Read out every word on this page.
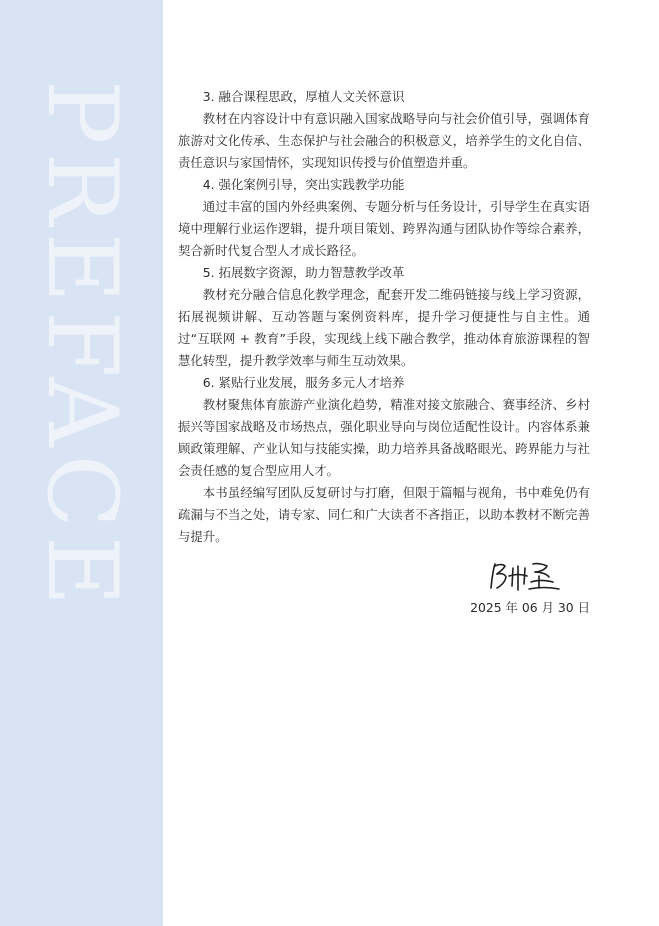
PREFACE	3. 融合课程思政，厚植人文关怀意识

教材在内容设计中有意识融入国家战略导向与社会价值引导，强调体育旅游对文化传承、生态保护与社会融合的积极意义，培养学生的文化自信、责任意识与家国情怀，实现知识传授与价值塑造并重。

4. 强化案例引导，突出实践教学功能

通过丰富的国内外经典案例、专题分析与任务设计，引导学生在真实语境中理解行业运作逻辑，提升项目策划、跨界沟通与团队协作等综合素养，契合新时代复合型人才成长路径。

5. 拓展数字资源，助力智慧教学改革

教材充分融合信息化教学理念，配套开发二维码链接与线上学习资源，拓展视频讲解、互动答题与案例资料库，提升学习便捷性与自主性。通过“互联网 + 教育”手段，实现线上线下融合教学，推动体育旅游课程的智慧化转型，提升教学效率与师生互动效果。

6. 紧贴行业发展，服务多元人才培养

教材聚焦体育旅游产业演化趋势，精准对接文旅融合、赛事经济、乡村振兴等国家战略及市场热点，强化职业导向与岗位适配性设计。内容体系兼顾政策理解、产业认知与技能实操，助力培养具备战略眼光、跨界能力与社会责任感的复合型应用人才。

本书虽经编写团队反复研讨与打磨，但限于篇幅与视角，书中难免仍有疏漏与不当之处，请专家、同仁和广大读者不吝指正，以助本教材不断完善与提升。

2025 年 06 月 30 日
